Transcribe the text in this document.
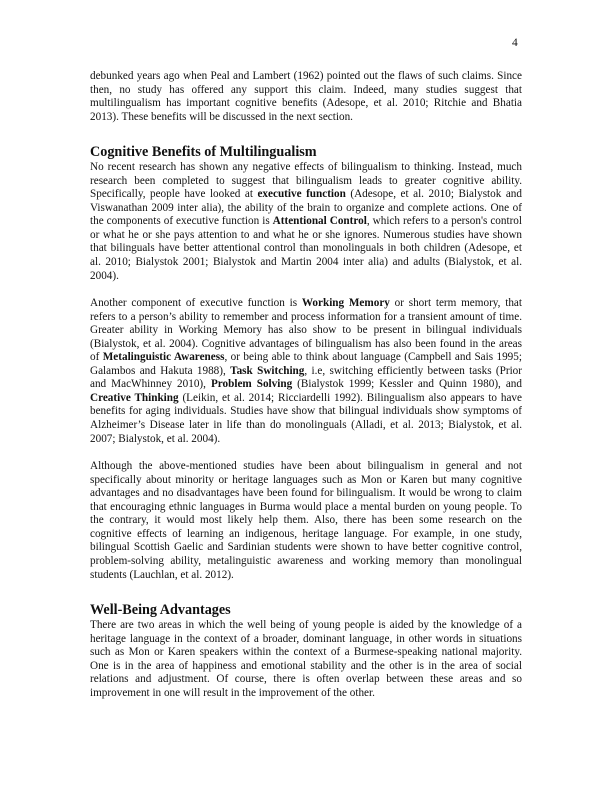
4

debunked years ago when Peal and Lambert (1962) pointed out the flaws of such claims. Since then, no study has offered any support this claim. Indeed, many studies suggest that multilingualism has important cognitive benefits (Adesope, et al. 2010; Ritchie and Bhatia 2013). These benefits will be discussed in the next section.

Cognitive Benefits of Multilingualism

No recent research has shown any negative effects of bilingualism to thinking. Instead, much research been completed to suggest that bilingualism leads to greater cognitive ability. Specifically, people have looked at executive function (Adesope, et al. 2010; Bialystok and Viswanathan 2009 inter alia), the ability of the brain to organize and complete actions. One of the components of executive function is Attentional Control, which refers to a person's control or what he or she pays attention to and what he or she ignores. Numerous studies have shown that bilinguals have better attentional control than monolinguals in both children (Adesope, et al. 2010; Bialystok 2001; Bialystok and Martin 2004 inter alia) and adults (Bialystok, et al. 2004).

Another component of executive function is Working Memory or short term memory, that refers to a person’s ability to remember and process information for a transient amount of time. Greater ability in Working Memory has also show to be present in bilingual individuals (Bialystok, et al. 2004). Cognitive advantages of bilingualism has also been found in the areas of Metalinguistic Awareness, or being able to think about language (Campbell and Sais 1995; Galambos and Hakuta 1988), Task Switching, i.e, switching efficiently between tasks (Prior and MacWhinney 2010), Problem Solving (Bialystok 1999; Kessler and Quinn 1980), and Creative Thinking (Leikin, et al. 2014; Ricciardelli 1992). Bilingualism also appears to have benefits for aging individuals. Studies have show that bilingual individuals show symptoms of Alzheimer’s Disease later in life than do monolinguals (Alladi, et al. 2013; Bialystok, et al. 2007; Bialystok, et al. 2004).

Although the above-mentioned studies have been about bilingualism in general and not specifically about minority or heritage languages such as Mon or Karen but many cognitive advantages and no disadvantages have been found for bilingualism. It would be wrong to claim that encouraging ethnic languages in Burma would place a mental burden on young people. To the contrary, it would most likely help them. Also, there has been some research on the cognitive effects of learning an indigenous, heritage language. For example, in one study, bilingual Scottish Gaelic and Sardinian students were shown to have better cognitive control, problem-solving ability, metalinguistic awareness and working memory than monolingual students (Lauchlan, et al. 2012).

Well-Being Advantages

There are two areas in which the well being of young people is aided by the knowledge of a heritage language in the context of a broader, dominant language, in other words in situations such as Mon or Karen speakers within the context of a Burmese-speaking national majority. One is in the area of happiness and emotional stability and the other is in the area of social relations and adjustment. Of course, there is often overlap between these areas and so improvement in one will result in the improvement of the other.
